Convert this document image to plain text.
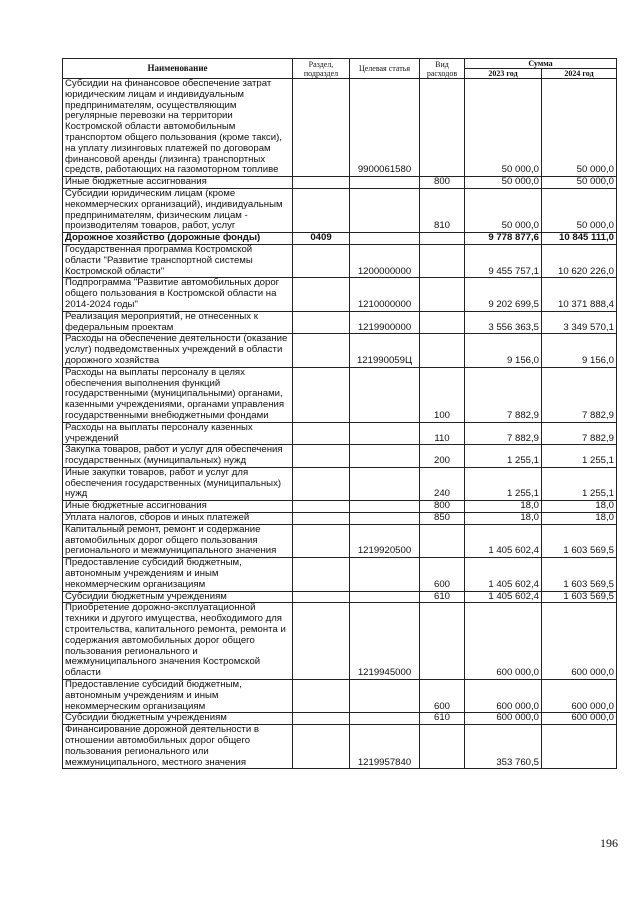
Наименование	Раздел, подраздел	Целевая статья	Вид расходов	Сумма	
				2023 год	2024 год
Субсидии на финансовое обеспечение затрат юридическим лицам и индивидуальным предпринимателям, осуществляющим регулярные перевозки на территории Костромской области автомобильным транспортом общего пользования (кроме такси), на уплату лизинговых платежей по договорам финансовой аренды (лизинга) транспортных средств, работающих на газомоторном топливе		9900061580		50 000,0	50 000,0
Иные бюджетные ассигнования			800	50 000,0	50 000,0
Субсидии юридическим лицам (кроме некоммерческих организаций), индивидуальным предпринимателям, физическим лицам - производителям товаров, работ, услуг			810	50 000,0	50 000,0
Дорожное хозяйство (дорожные фонды)	0409			9 778 877,6	10 845 111,0
Государственная программа Костромской области "Развитие транспортной системы Костромской области"		1200000000		9 455 757,1	10 620 226,0
Подпрограмма "Развитие автомобильных дорог общего пользования в Костромской области на 2014-2024 годы"		1210000000		9 202 699,5	10 371 888,4
Реализация мероприятий, не отнесенных к федеральным проектам		1219900000		3 556 363,5	3 349 570,1
Расходы на обеспечение деятельности (оказание услуг) подведомственных учреждений в области дорожного хозяйства		121990059Ц		9 156,0	9 156,0
Расходы на выплаты персоналу в целях обеспечения выполнения функций государственными (муниципальными) органами, казенными учреждениями, органами управления государственными внебюджетными фондами			100	7 882,9	7 882,9
Расходы на выплаты персоналу казенных учреждений			110	7 882,9	7 882,9
Закупка товаров, работ и услуг для обеспечения государственных (муниципальных) нужд			200	1 255,1	1 255,1
Иные закупки товаров, работ и услуг для обеспечения государственных (муниципальных) нужд			240	1 255,1	1 255,1
Иные бюджетные ассигнования			800	18,0	18,0
Уплата налогов, сборов и иных платежей			850	18,0	18,0
Капитальный ремонт, ремонт и содержание автомобильных дорог общего пользования регионального и межмуниципального значения		1219920500		1 405 602,4	1 603 569,5
Предоставление субсидий бюджетным, автономным учреждениям и иным некоммерческим организациям			600	1 405 602,4	1 603 569,5
Субсидии бюджетным учреждениям			610	1 405 602,4	1 603 569,5
Приобретение дорожно-эксплуатационной техники и другого имущества, необходимого для строительства, капитального ремонта, ремонта и содержания автомобильных дорог общего пользования регионального и межмуниципального значения Костромской области		1219945000		600 000,0	600 000,0
Предоставление субсидий бюджетным, автономным учреждениям и иным некоммерческим организациям			600	600 000,0	600 000,0
Субсидии бюджетным учреждениям			610	600 000,0	600 000,0
Финансирование дорожной деятельности в отношении автомобильных дорог общего пользования регионального или межмуниципального, местного значения		1219957840		353 760,5	
196
